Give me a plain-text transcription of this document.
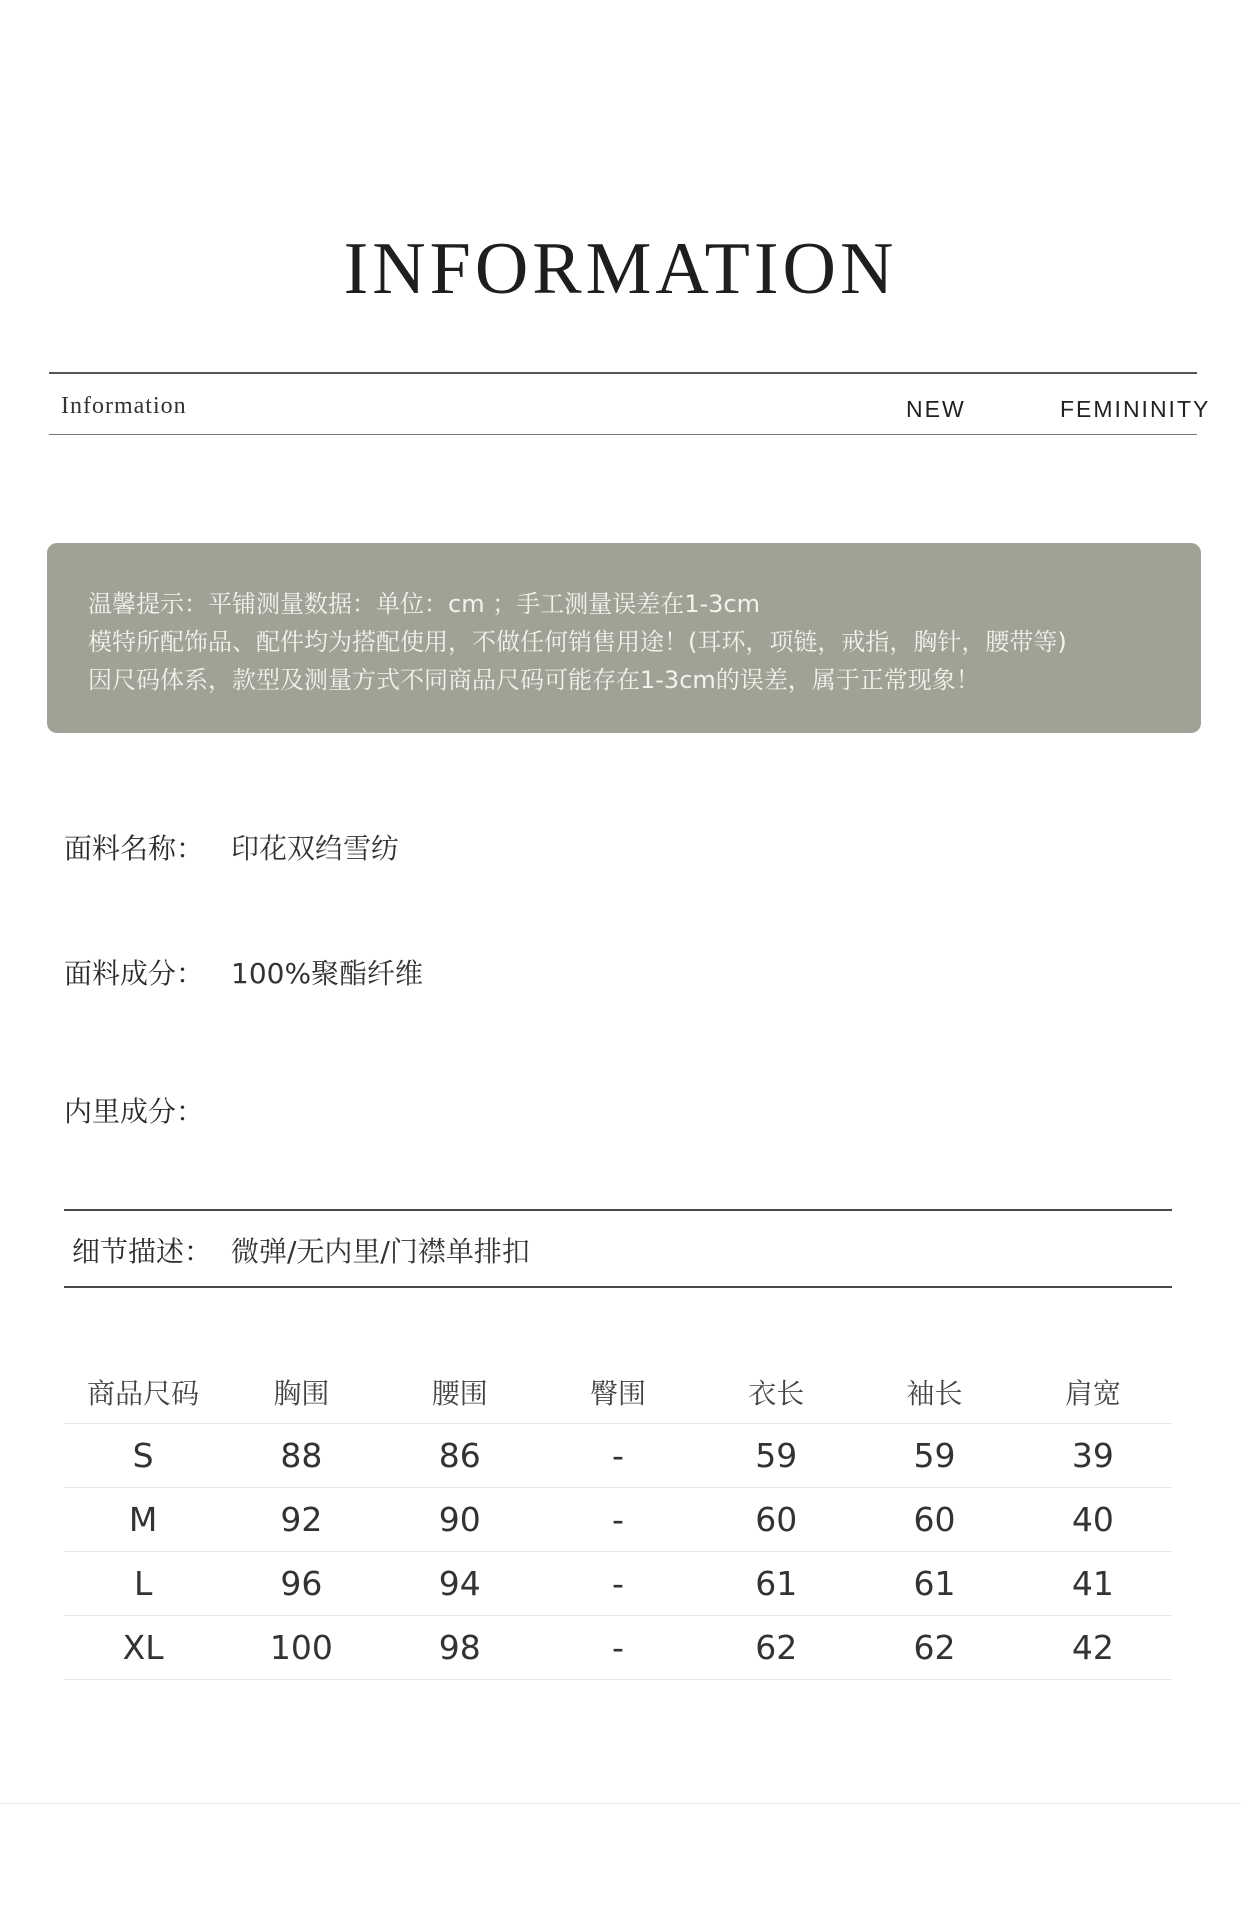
INFORMATION
Information	NEW	FEMININITY
温馨提示：平铺测量数据：单位：cm ；手工测量误差在1-3cm
模特所配饰品、配件均为搭配使用，不做任何销售用途！(耳环，项链，戒指，胸针，腰带等)
因尺码体系，款型及测量方式不同商品尺码可能存在1-3cm的误差，属于正常现象！
面料名称： 印花双绉雪纺
面料成分： 100%聚酯纤维
内里成分：
细节描述： 微弹/无内里/门襟单排扣
商品尺码	胸围	腰围	臀围	衣长	袖长	肩宽
S	88	86	-	59	59	39
M	92	90	-	60	60	40
L	96	94	-	61	61	41
XL	100	98	-	62	62	42
